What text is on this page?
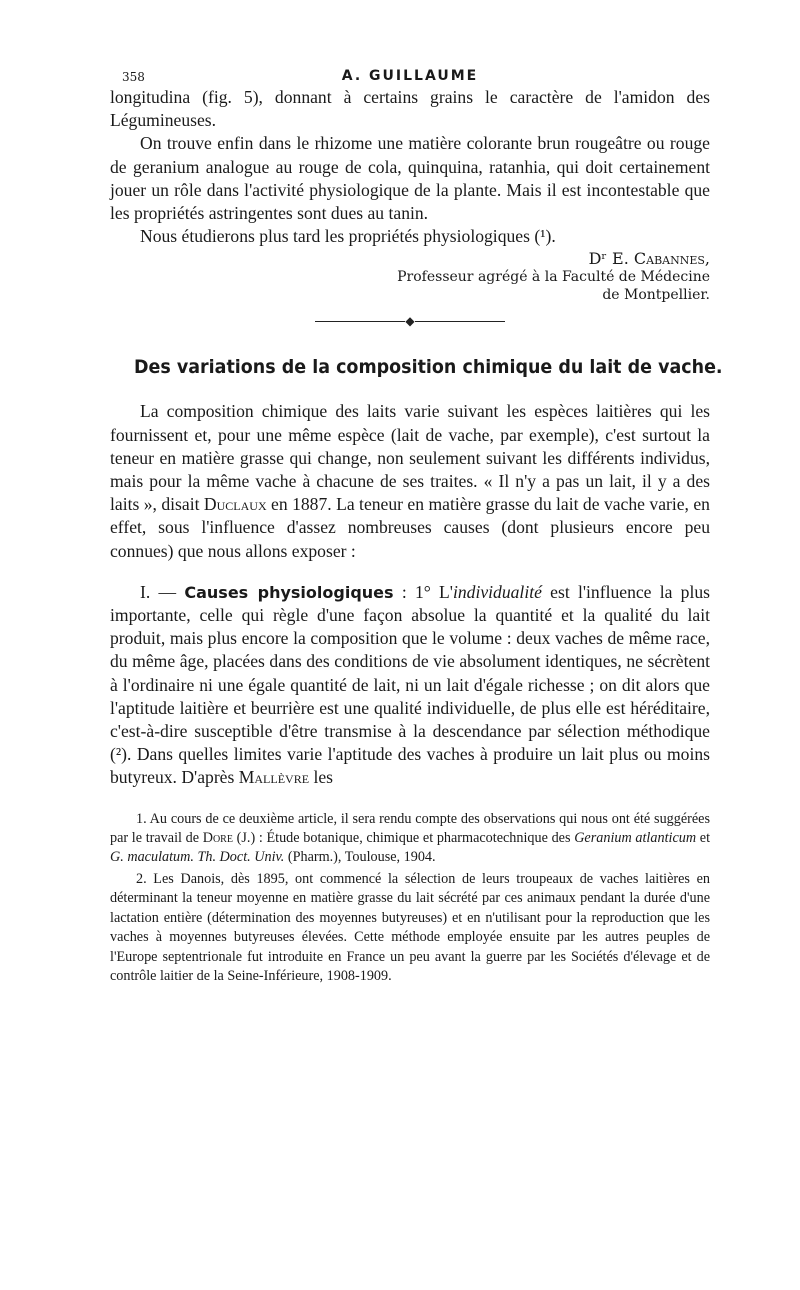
358	A. GUILLAUME

longitudina (fig. 5), donnant à certains grains le caractère de l'amidon des Légumineuses.

On trouve enfin dans le rhizome une matière colorante brun rougeâtre ou rouge de geranium analogue au rouge de cola, quinquina, ratanhia, qui doit certainement jouer un rôle dans l'activité physiologique de la plante. Mais il est incontestable que les propriétés astringentes sont dues au tanin.

Nous étudierons plus tard les propriétés physiologiques (¹).

Dʳ E. Cabannes,
Professeur agrégé à la Faculté de Médecine
de Montpellier.
◆
Des variations de la composition chimique du lait de vache.

La composition chimique des laits varie suivant les espèces laitières qui les fournissent et, pour une même espèce (lait de vache, par exemple), c'est surtout la teneur en matière grasse qui change, non seulement suivant les différents individus, mais pour la même vache à chacune de ses traites. « Il n'y a pas un lait, il y a des laits », disait Duclaux en 1887. La teneur en matière grasse du lait de vache varie, en effet, sous l'influence d'assez nombreuses causes (dont plusieurs encore peu connues) que nous allons exposer :

I. — Causes physiologiques : 1° L'individualité est l'influence la plus importante, celle qui règle d'une façon absolue la quantité et la qualité du lait produit, mais plus encore la composition que le volume : deux vaches de même race, du même âge, placées dans des conditions de vie absolument identiques, ne sécrètent à l'ordinaire ni une égale quantité de lait, ni un lait d'égale richesse ; on dit alors que l'aptitude laitière et beurrière est une qualité individuelle, de plus elle est héréditaire, c'est-à-dire susceptible d'être transmise à la descendance par sélection méthodique (²). Dans quelles limites varie l'aptitude des vaches à produire un lait plus ou moins butyreux. D'après Mallèvre les

1. Au cours de ce deuxième article, il sera rendu compte des observations qui nous ont été suggérées par le travail de Dore (J.) : Étude botanique, chimique et pharmacotechnique des Geranium atlanticum et G. maculatum. Th. Doct. Univ. (Pharm.), Toulouse, 1904.

2. Les Danois, dès 1895, ont commencé la sélection de leurs troupeaux de vaches laitières en déterminant la teneur moyenne en matière grasse du lait sécrété par ces animaux pendant la durée d'une lactation entière (détermination des moyennes butyreuses) et en n'utilisant pour la reproduction que les vaches à moyennes butyreuses élevées. Cette méthode employée ensuite par les autres peuples de l'Europe septentrionale fut introduite en France un peu avant la guerre par les Sociétés d'élevage et de contrôle laitier de la Seine-Inférieure, 1908-1909.
